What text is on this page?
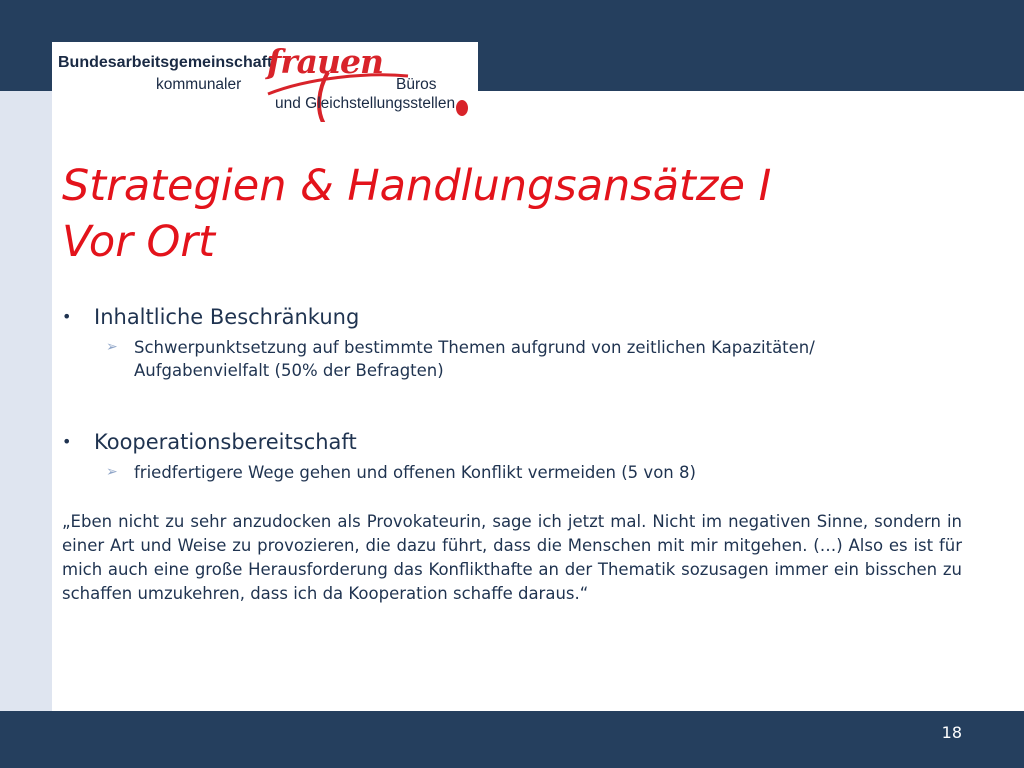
Bundesarbeitsgemeinschaft
kommunaler
frauen
Büros
und Gleichstellungsstellen
Strategien & Handlungsansätze I
Vor Ort
• Inhaltliche Beschränkung
➢ Schwerpunktsetzung auf bestimmte Themen aufgrund von zeitlichen Kapazitäten/
Aufgabenvielfalt (50% der Befragten)
• Kooperationsbereitschaft
➢ friedfertigere Wege gehen und offenen Konflikt vermeiden (5 von 8)
„Eben nicht zu sehr anzudocken als Provokateurin, sage ich jetzt mal. Nicht im negativen Sinne, sondern in einer Art und Weise zu provozieren, die dazu führt, dass die Menschen mit mir mitgehen. (…) Also es ist für mich auch eine große Herausforderung das Konflikthafte an der Thematik sozusagen immer ein bisschen zu schaffen umzukehren, dass ich da Kooperation schaffe daraus.“
18
